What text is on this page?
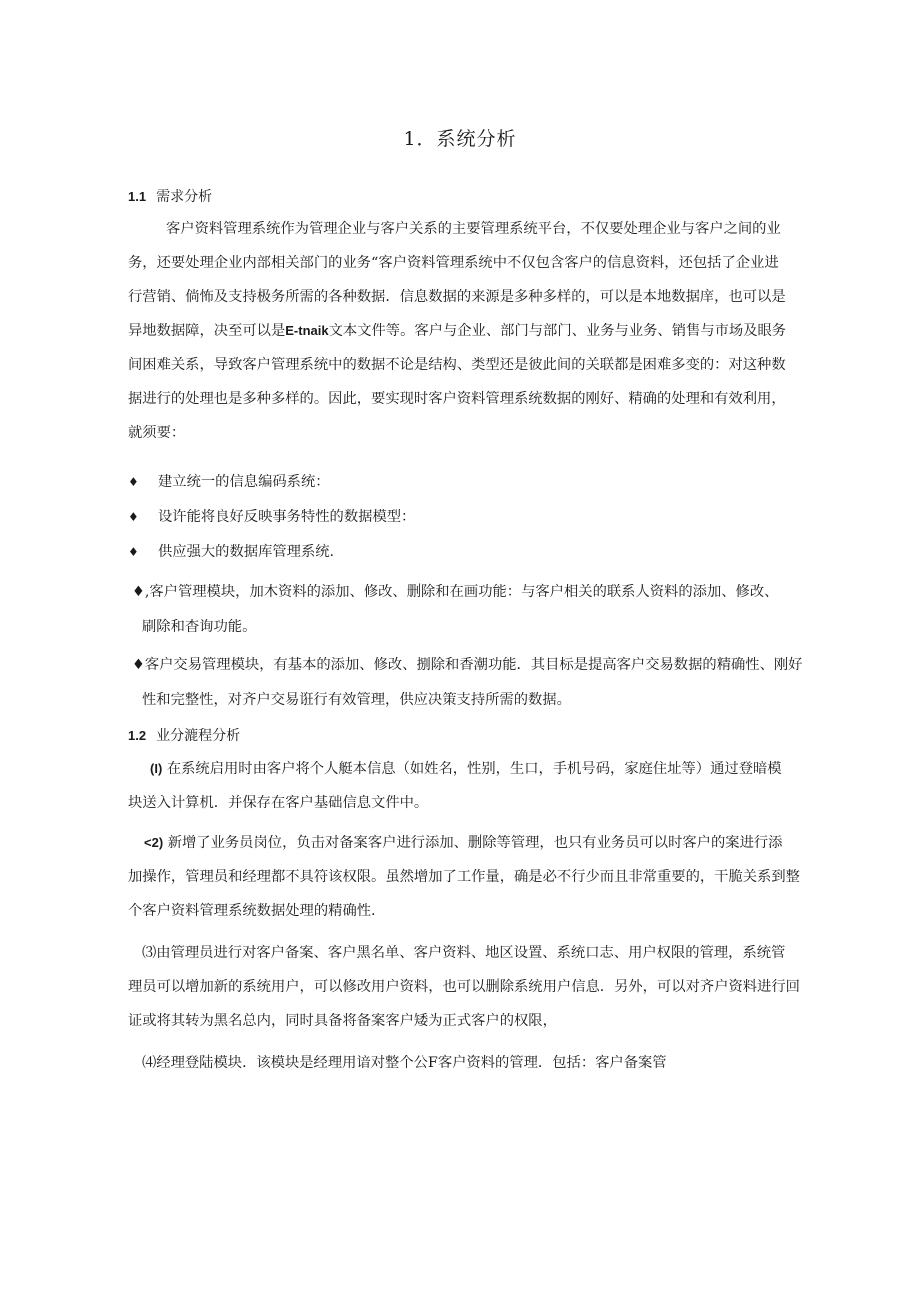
1．系统分析
1.1 需求分析
客户资料管理系统作为管理企业与客户关系的主要管理系统平台，不仅要处理企业与客户之间的业
务，还要处理企业内部相关部门的业务“客户资料管理系统中不仅包含客户的信息资料，还包括了企业进
行营销、倘怖及支持极务所需的各种数据．信息数据的来源是多种多样的，可以是本地数据庠，也可以是
异地数据障，决至可以是E-tnaik文本文件等。客户与企业、部门与部门、业务与业务、销售与市场及眼务
间困难关系，导致客户管理系统中的数据不论是结构、类型还是彼此间的关联都是困难多变的：对这种数
据进行的处理也是多种多样的。因此，要实现时客户资料管理系统数据的刚好、精确的处理和有效利用，
就须要：
♦ 建立统一的信息编码系统：
♦ 设许能将良好反映事务特性的数据模型：
♦ 供应强大的数据库管理系统.
♦,客户管理模块，加木资料的添加、修改、删除和在画功能：与客户相关的联系人资料的添加、修改、
刷除和杳询功能。
♦客户交易管理模块，有基本的添加、修改、捌除和香潮功能．其目标是提高客户交易数据的精确性、刚好
性和完整性，对齐户交易诳行有效管理，供应决策支持所需的数据。
1.2 业分漉程分析
(I) 在系统启用时由客户将个人艇本信息（如姓名，性别，生口，手机号码，家庭住址等）通过登暗模
块送入计算机．并保存在客户基础信息文件中。
<2) 新增了业务员岗位，负击对备案客户进行添加、删除等管理，也只有业务员可以时客户的案进行添
加操作，管理员和经理都不具符该权限。虽然增加了工作量，确是必不行少而且非常重要的，干脆关系到整
个客户资料管理系统数据处理的精确性.
⑶由管理员进行对客户备案、客户黑名单、客户资料、地区设置、系统口志、用户权限的管理，系统管
理员可以增加新的系统用户，可以修改用户资料，也可以删除系统用户信息．另外，可以对齐户资料进行回
证或将其转为黑名总内，同时具备将备案客户矮为正式客户的权限，
⑷经理登陆模块．该模块是经理用谙对整个公F客户资料的管理．包括：客户备案管
